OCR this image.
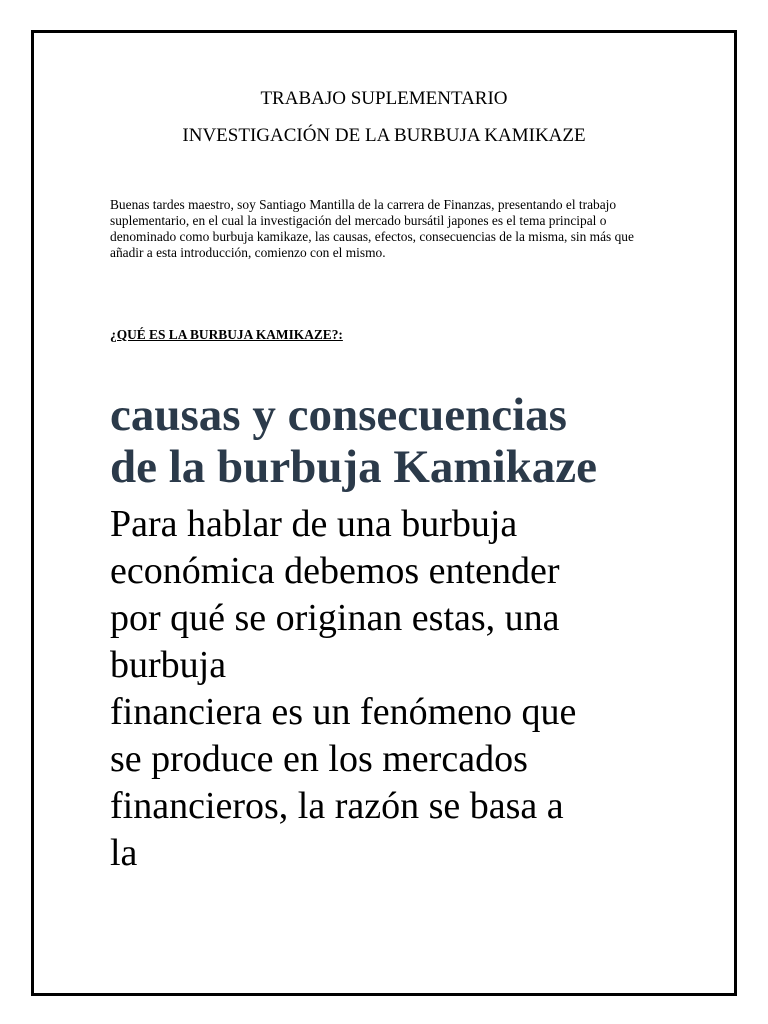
TRABAJO SUPLEMENTARIO
INVESTIGACIÓN DE LA BURBUJA KAMIKAZE

Buenas tardes maestro, soy Santiago Mantilla de la carrera de Finanzas, presentando el trabajo suplementario, en el cual la investigación del mercado bursátil japones es el tema principal o denominado como burbuja kamikaze, las causas, efectos, consecuencias de la misma, sin más que añadir a esta introducción, comienzo con el mismo.

¿QUÉ ES LA BURBUJA KAMIKAZE?:

causas y consecuencias
de la burbuja Kamikaze
Para hablar de una burbuja
económica debemos entender
por qué se originan estas, una
burbuja
financiera es un fenómeno que
se produce en los mercados
financieros, la razón se basa a
la
